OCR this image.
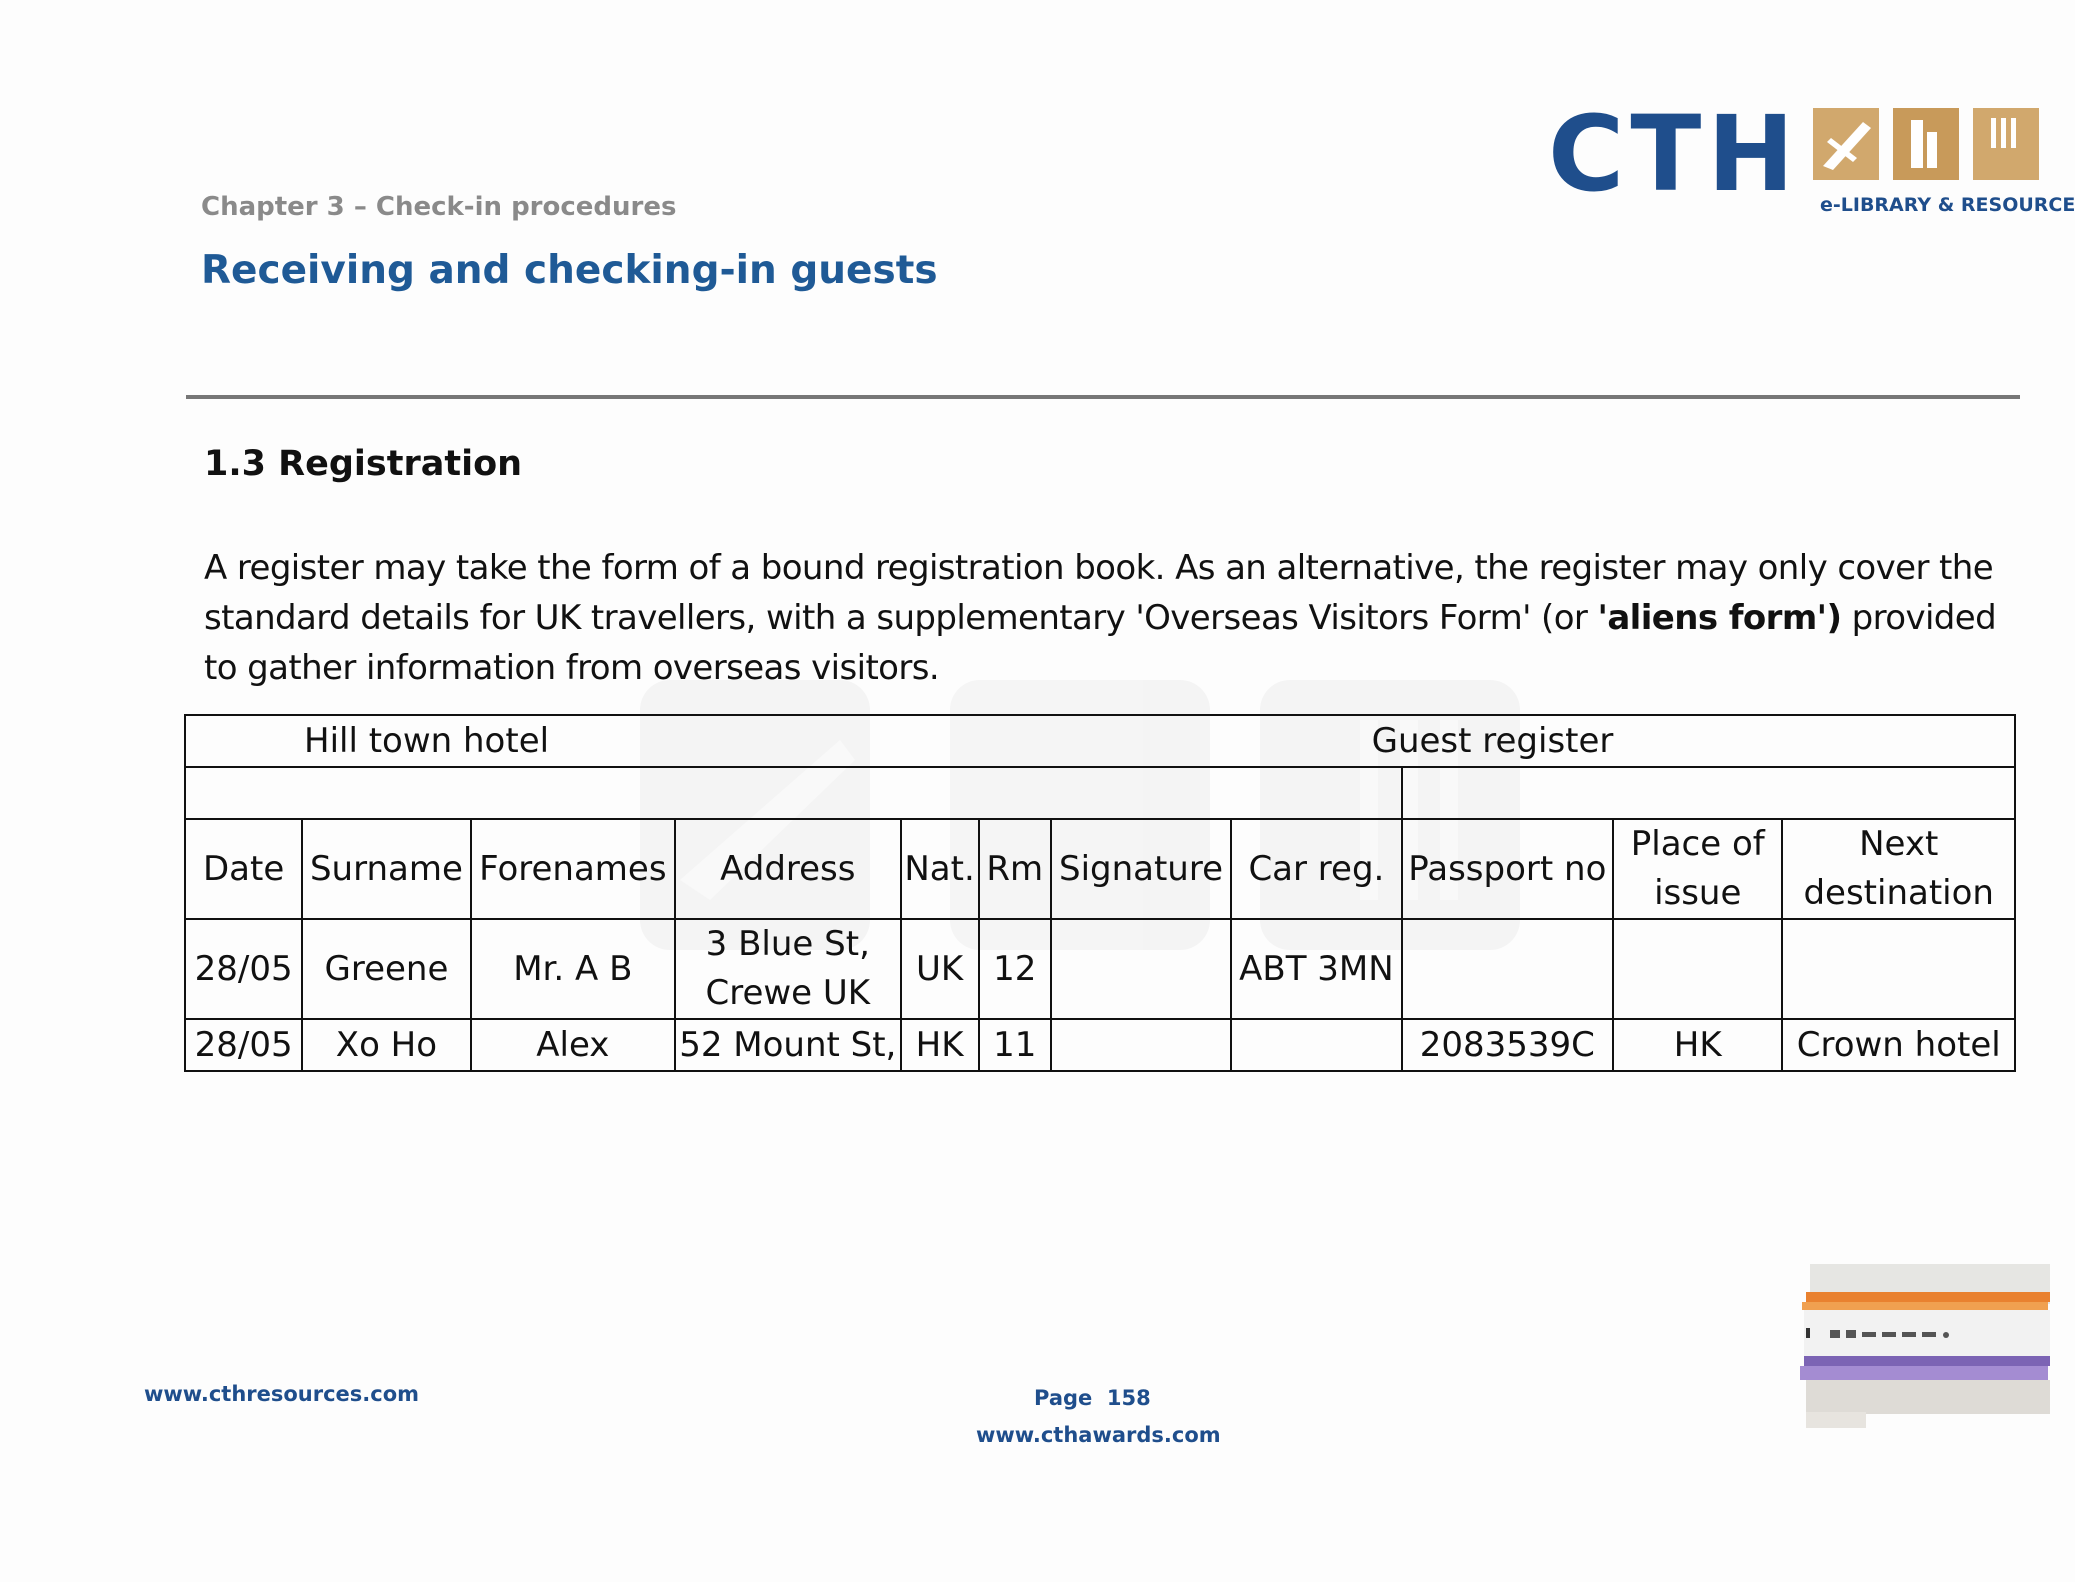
CTH e-LIBRARY & RESOURCE
Chapter 3 – Check-in procedures
Receiving and checking-in guests
1.3 Registration
A register may take the form of a bound registration book. As an alternative, the register may only cover the standard details for UK travellers, with a supplementary 'Overseas Visitors Form' (or 'aliens form') provided to gather information from overseas visitors.
Hill town hotel								Guest register		

Date	Surname	Forenames	Address	Nat.	Rm	Signature	Car reg.	Passport no	Place of issue	Next destination
28/05	Greene	Mr. A B	3 Blue St, Crewe UK	UK	12		ABT 3MN			
28/05	Xo Ho	Alex	52 Mount St,	HK	11			2083539C	HK	Crown hotel
www.cthresources.com	Page  158
www.cthawards.com
